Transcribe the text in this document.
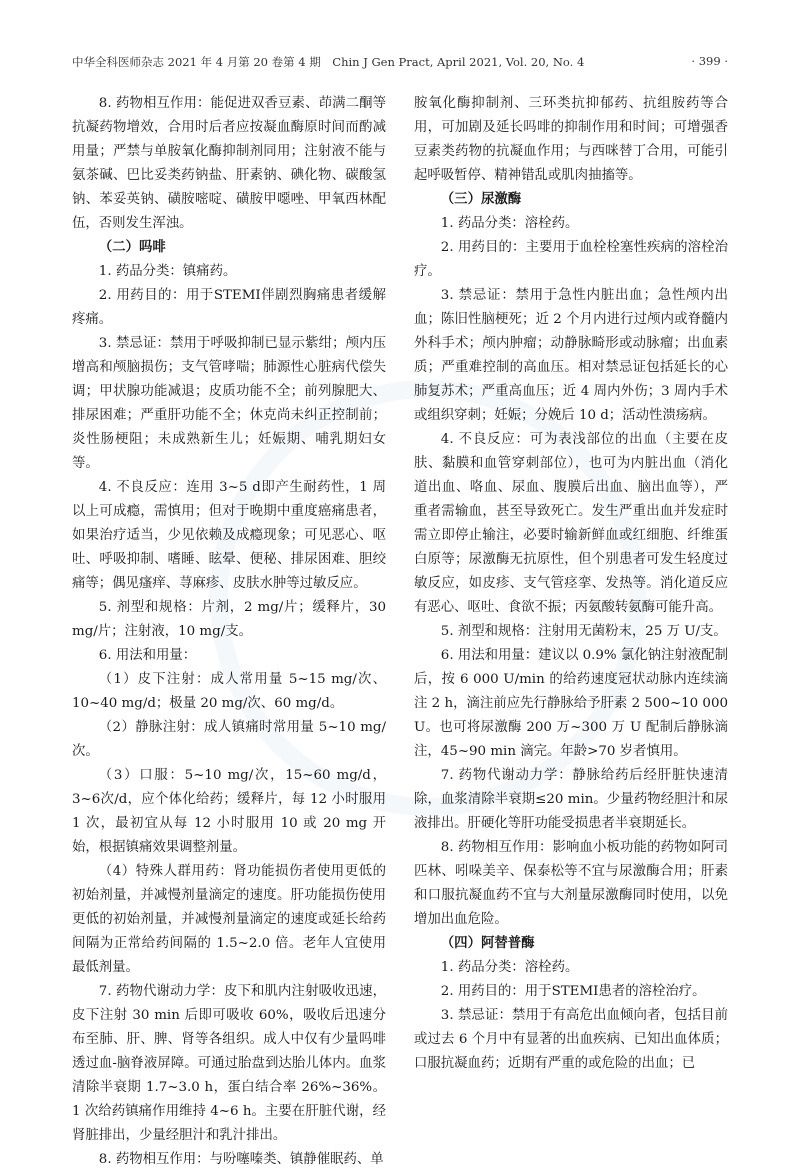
中华全科医师杂志 2021 年 4 月第 20 卷第 4 期　Chin J Gen Pract, April 2021, Vol. 20, No. 4	· 399 ·

8. 药物相互作用：能促进双香豆素、茚满二酮等抗凝药物增效，合用时后者应按凝血酶原时间而酌减用量；严禁与单胺氧化酶抑制剂同用；注射液不能与氨茶碱、巴比妥类药钠盐、肝素钠、碘化物、碳酸氢钠、苯妥英钠、磺胺嘧啶、磺胺甲噁唑、甲氧西林配伍，否则发生浑浊。

（二）吗啡

1. 药品分类：镇痛药。

2. 用药目的：用于STEMI伴剧烈胸痛患者缓解疼痛。

3. 禁忌证：禁用于呼吸抑制已显示紫绀；颅内压增高和颅脑损伤；支气管哮喘；肺源性心脏病代偿失调；甲状腺功能减退；皮质功能不全；前列腺肥大、排尿困难；严重肝功能不全；休克尚未纠正控制前；炎性肠梗阻；未成熟新生儿；妊娠期、哺乳期妇女等。

4. 不良反应：连用 3~5 d即产生耐药性，1 周以上可成瘾，需慎用；但对于晚期中重度癌痛患者，如果治疗适当，少见依赖及成瘾现象；可见恶心、呕吐、呼吸抑制、嗜睡、眩晕、便秘、排尿困难、胆绞痛等；偶见瘙痒、荨麻疹、皮肤水肿等过敏反应。

5. 剂型和规格：片剂，2 mg/片；缓释片，30 mg/片；注射液，10 mg/支。

6. 用法和用量：

（1）皮下注射：成人常用量 5~15 mg/次、10~40 mg/d；极量 20 mg/次、60 mg/d。

（2）静脉注射：成人镇痛时常用量 5~10 mg/次。

（3）口服：5~10 mg/次，15~60 mg/d，3~6次/d，应个体化给药；缓释片，每 12 小时服用 1 次，最初宜从每 12 小时服用 10 或 20 mg 开始，根据镇痛效果调整剂量。

（4）特殊人群用药：肾功能损伤者使用更低的初始剂量，并减慢剂量滴定的速度。肝功能损伤使用更低的初始剂量，并减慢剂量滴定的速度或延长给药间隔为正常给药间隔的 1.5~2.0 倍。老年人宜使用最低剂量。

7. 药物代谢动力学：皮下和肌内注射吸收迅速，皮下注射 30 min 后即可吸收 60%，吸收后迅速分布至肺、肝、脾、肾等各组织。成人中仅有少量吗啡透过血-脑脊液屏障。可通过胎盘到达胎儿体内。血浆清除半衰期 1.7~3.0 h，蛋白结合率 26%~36%。1 次给药镇痛作用维持 4~6 h。主要在肝脏代谢，经肾脏排出，少量经胆汁和乳汁排出。

8. 药物相互作用：与吩噻嗪类、镇静催眠药、单

胺氧化酶抑制剂、三环类抗抑郁药、抗组胺药等合用，可加剧及延长吗啡的抑制作用和时间；可增强香豆素类药物的抗凝血作用；与西咪替丁合用，可能引起呼吸暂停、精神错乱或肌肉抽搐等。

（三）尿激酶

1. 药品分类：溶栓药。

2. 用药目的：主要用于血栓栓塞性疾病的溶栓治疗。

3. 禁忌证：禁用于急性内脏出血；急性颅内出血；陈旧性脑梗死；近 2 个月内进行过颅内或脊髓内外科手术；颅内肿瘤；动静脉畸形或动脉瘤；出血素质；严重难控制的高血压。相对禁忌证包括延长的心肺复苏术；严重高血压；近 4 周内外伤；3 周内手术或组织穿刺；妊娠；分娩后 10 d；活动性溃疡病。

4. 不良反应：可为表浅部位的出血（主要在皮肤、黏膜和血管穿刺部位），也可为内脏出血（消化道出血、咯血、尿血、腹膜后出血、脑出血等），严重者需输血，甚至导致死亡。发生严重出血并发症时需立即停止输注，必要时输新鲜血或红细胞、纤维蛋白原等；尿激酶无抗原性，但个别患者可发生轻度过敏反应，如皮疹、支气管痉挛、发热等。消化道反应有恶心、呕吐、食欲不振；丙氨酸转氨酶可能升高。

5. 剂型和规格：注射用无菌粉末，25 万 U/支。

6. 用法和用量：建议以 0.9% 氯化钠注射液配制后，按 6 000 U/min 的给药速度冠状动脉内连续滴注 2 h，滴注前应先行静脉给予肝素 2 500~10 000 U。也可将尿激酶 200 万~300 万 U 配制后静脉滴注，45~90 min 滴完。年龄>70 岁者慎用。

7. 药物代谢动力学：静脉给药后经肝脏快速清除，血浆清除半衰期≤20 min。少量药物经胆汁和尿液排出。肝硬化等肝功能受损患者半衰期延长。

8. 药物相互作用：影响血小板功能的药物如阿司匹林、吲哚美辛、保泰松等不宜与尿激酶合用；肝素和口服抗凝血药不宜与大剂量尿激酶同时使用，以免增加出血危险。

（四）阿替普酶

1. 药品分类：溶栓药。

2. 用药目的：用于STEMI患者的溶栓治疗。

3. 禁忌证：禁用于有高危出血倾向者，包括目前或过去 6 个月中有显著的出血疾病、已知出血体质；口服抗凝血药；近期有严重的或危险的出血；已
